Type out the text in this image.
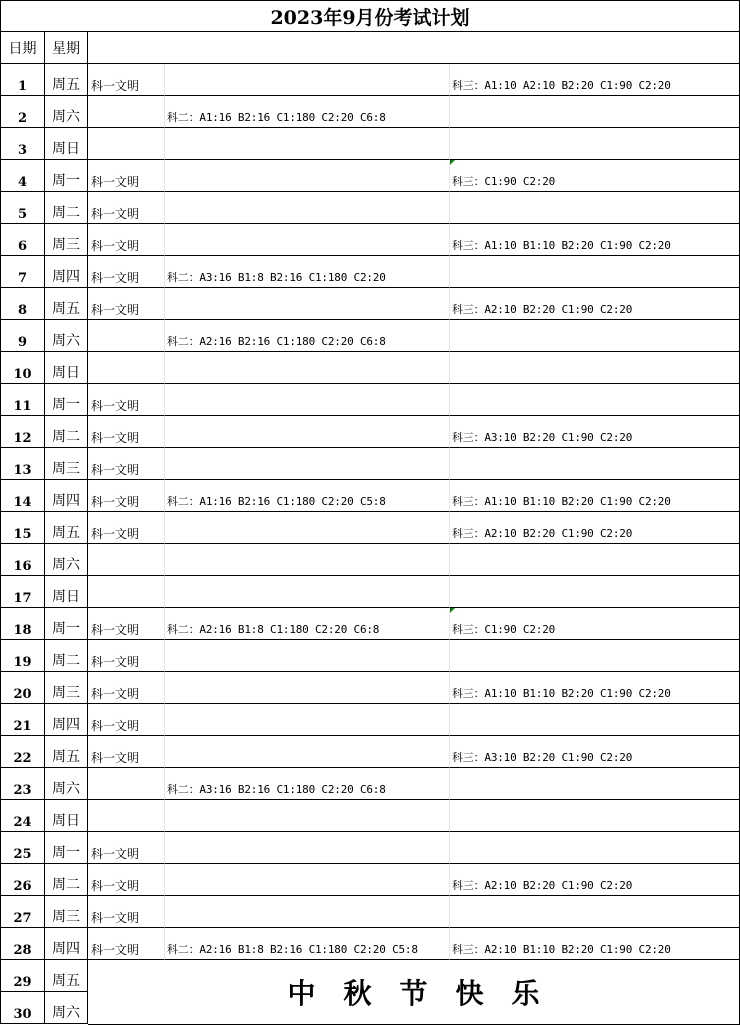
2023年9月份考试计划
日期	星期
1	周五 科一文明	科三：A1:10 A2:10 B2:20 C1:90 C2:20
2	周六	科二：A1:16 B2:16 C1:180 C2:20 C6:8
3	周日
4	周一 科一文明	科三：C1:90 C2:20
5	周二 科一文明
6	周三 科一文明	科三：A1:10 B1:10 B2:20 C1:90 C2:20
7	周四 科一文明	科二：A3:16 B1:8 B2:16 C1:180 C2:20
8	周五 科一文明	科三：A2:10 B2:20 C1:90 C2:20
9	周六	科二：A2:16 B2:16 C1:180 C2:20 C6:8
10	周日
11	周一 科一文明
12	周二 科一文明	科三：A3:10 B2:20 C1:90 C2:20
13	周三 科一文明
14	周四 科一文明	科二：A1:16 B2:16 C1:180 C2:20 C5:8	科三：A1:10 B1:10 B2:20 C1:90 C2:20
15	周五 科一文明	科三：A2:10 B2:20 C1:90 C2:20
16	周六
17	周日
18	周一 科一文明	科二：A2:16 B1:8 C1:180 C2:20 C6:8	科三：C1:90 C2:20
19	周二 科一文明
20	周三 科一文明	科三：A1:10 B1:10 B2:20 C1:90 C2:20
21	周四 科一文明
22	周五 科一文明	科三：A3:10 B2:20 C1:90 C2:20
23	周六	科二：A3:16 B2:16 C1:180 C2:20 C6:8
24	周日
25	周一 科一文明
26	周二 科一文明	科三：A2:10 B2:20 C1:90 C2:20
27	周三 科一文明
28	周四 科一文明	科二：A2:16 B1:8 B2:16 C1:180 C2:20 C5:8	科三：A2:10 B1:10 B2:20 C1:90 C2:20
29	周五
30	周六
中秋节快乐
